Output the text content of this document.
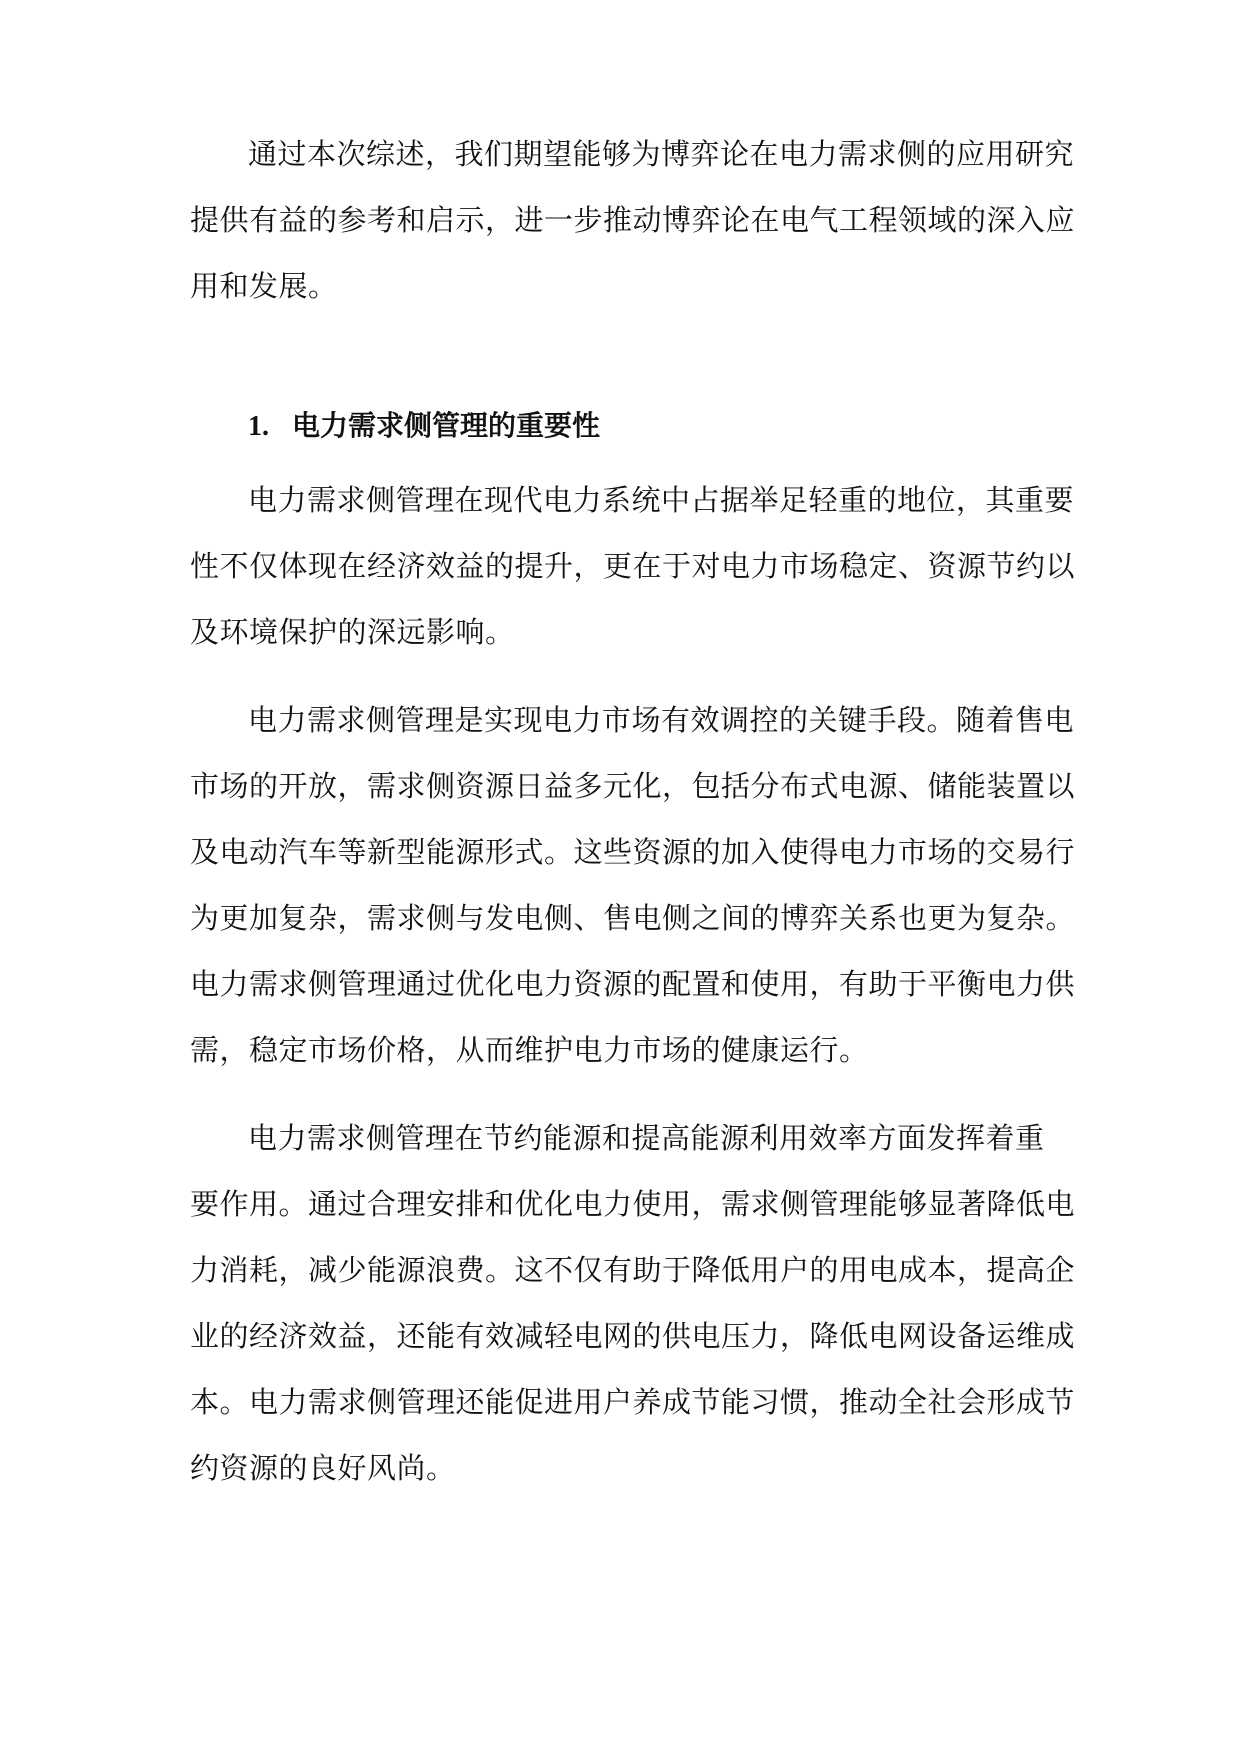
通过本次综述，我们期望能够为博弈论在电力需求侧的应用研究
提供有益的参考和启示，进一步推动博弈论在电气工程领域的深入应
用和发展。
1. 电力需求侧管理的重要性
电力需求侧管理在现代电力系统中占据举足轻重的地位，其重要
性不仅体现在经济效益的提升，更在于对电力市场稳定、资源节约以
及环境保护的深远影响。
电力需求侧管理是实现电力市场有效调控的关键手段。随着售电
市场的开放，需求侧资源日益多元化，包括分布式电源、储能装置以
及电动汽车等新型能源形式。这些资源的加入使得电力市场的交易行
为更加复杂，需求侧与发电侧、售电侧之间的博弈关系也更为复杂。
电力需求侧管理通过优化电力资源的配置和使用，有助于平衡电力供
需，稳定市场价格，从而维护电力市场的健康运行。
电力需求侧管理在节约能源和提高能源利用效率方面发挥着重
要作用。通过合理安排和优化电力使用，需求侧管理能够显著降低电
力消耗，减少能源浪费。这不仅有助于降低用户的用电成本，提高企
业的经济效益，还能有效减轻电网的供电压力，降低电网设备运维成
本。电力需求侧管理还能促进用户养成节能习惯，推动全社会形成节
约资源的良好风尚。
